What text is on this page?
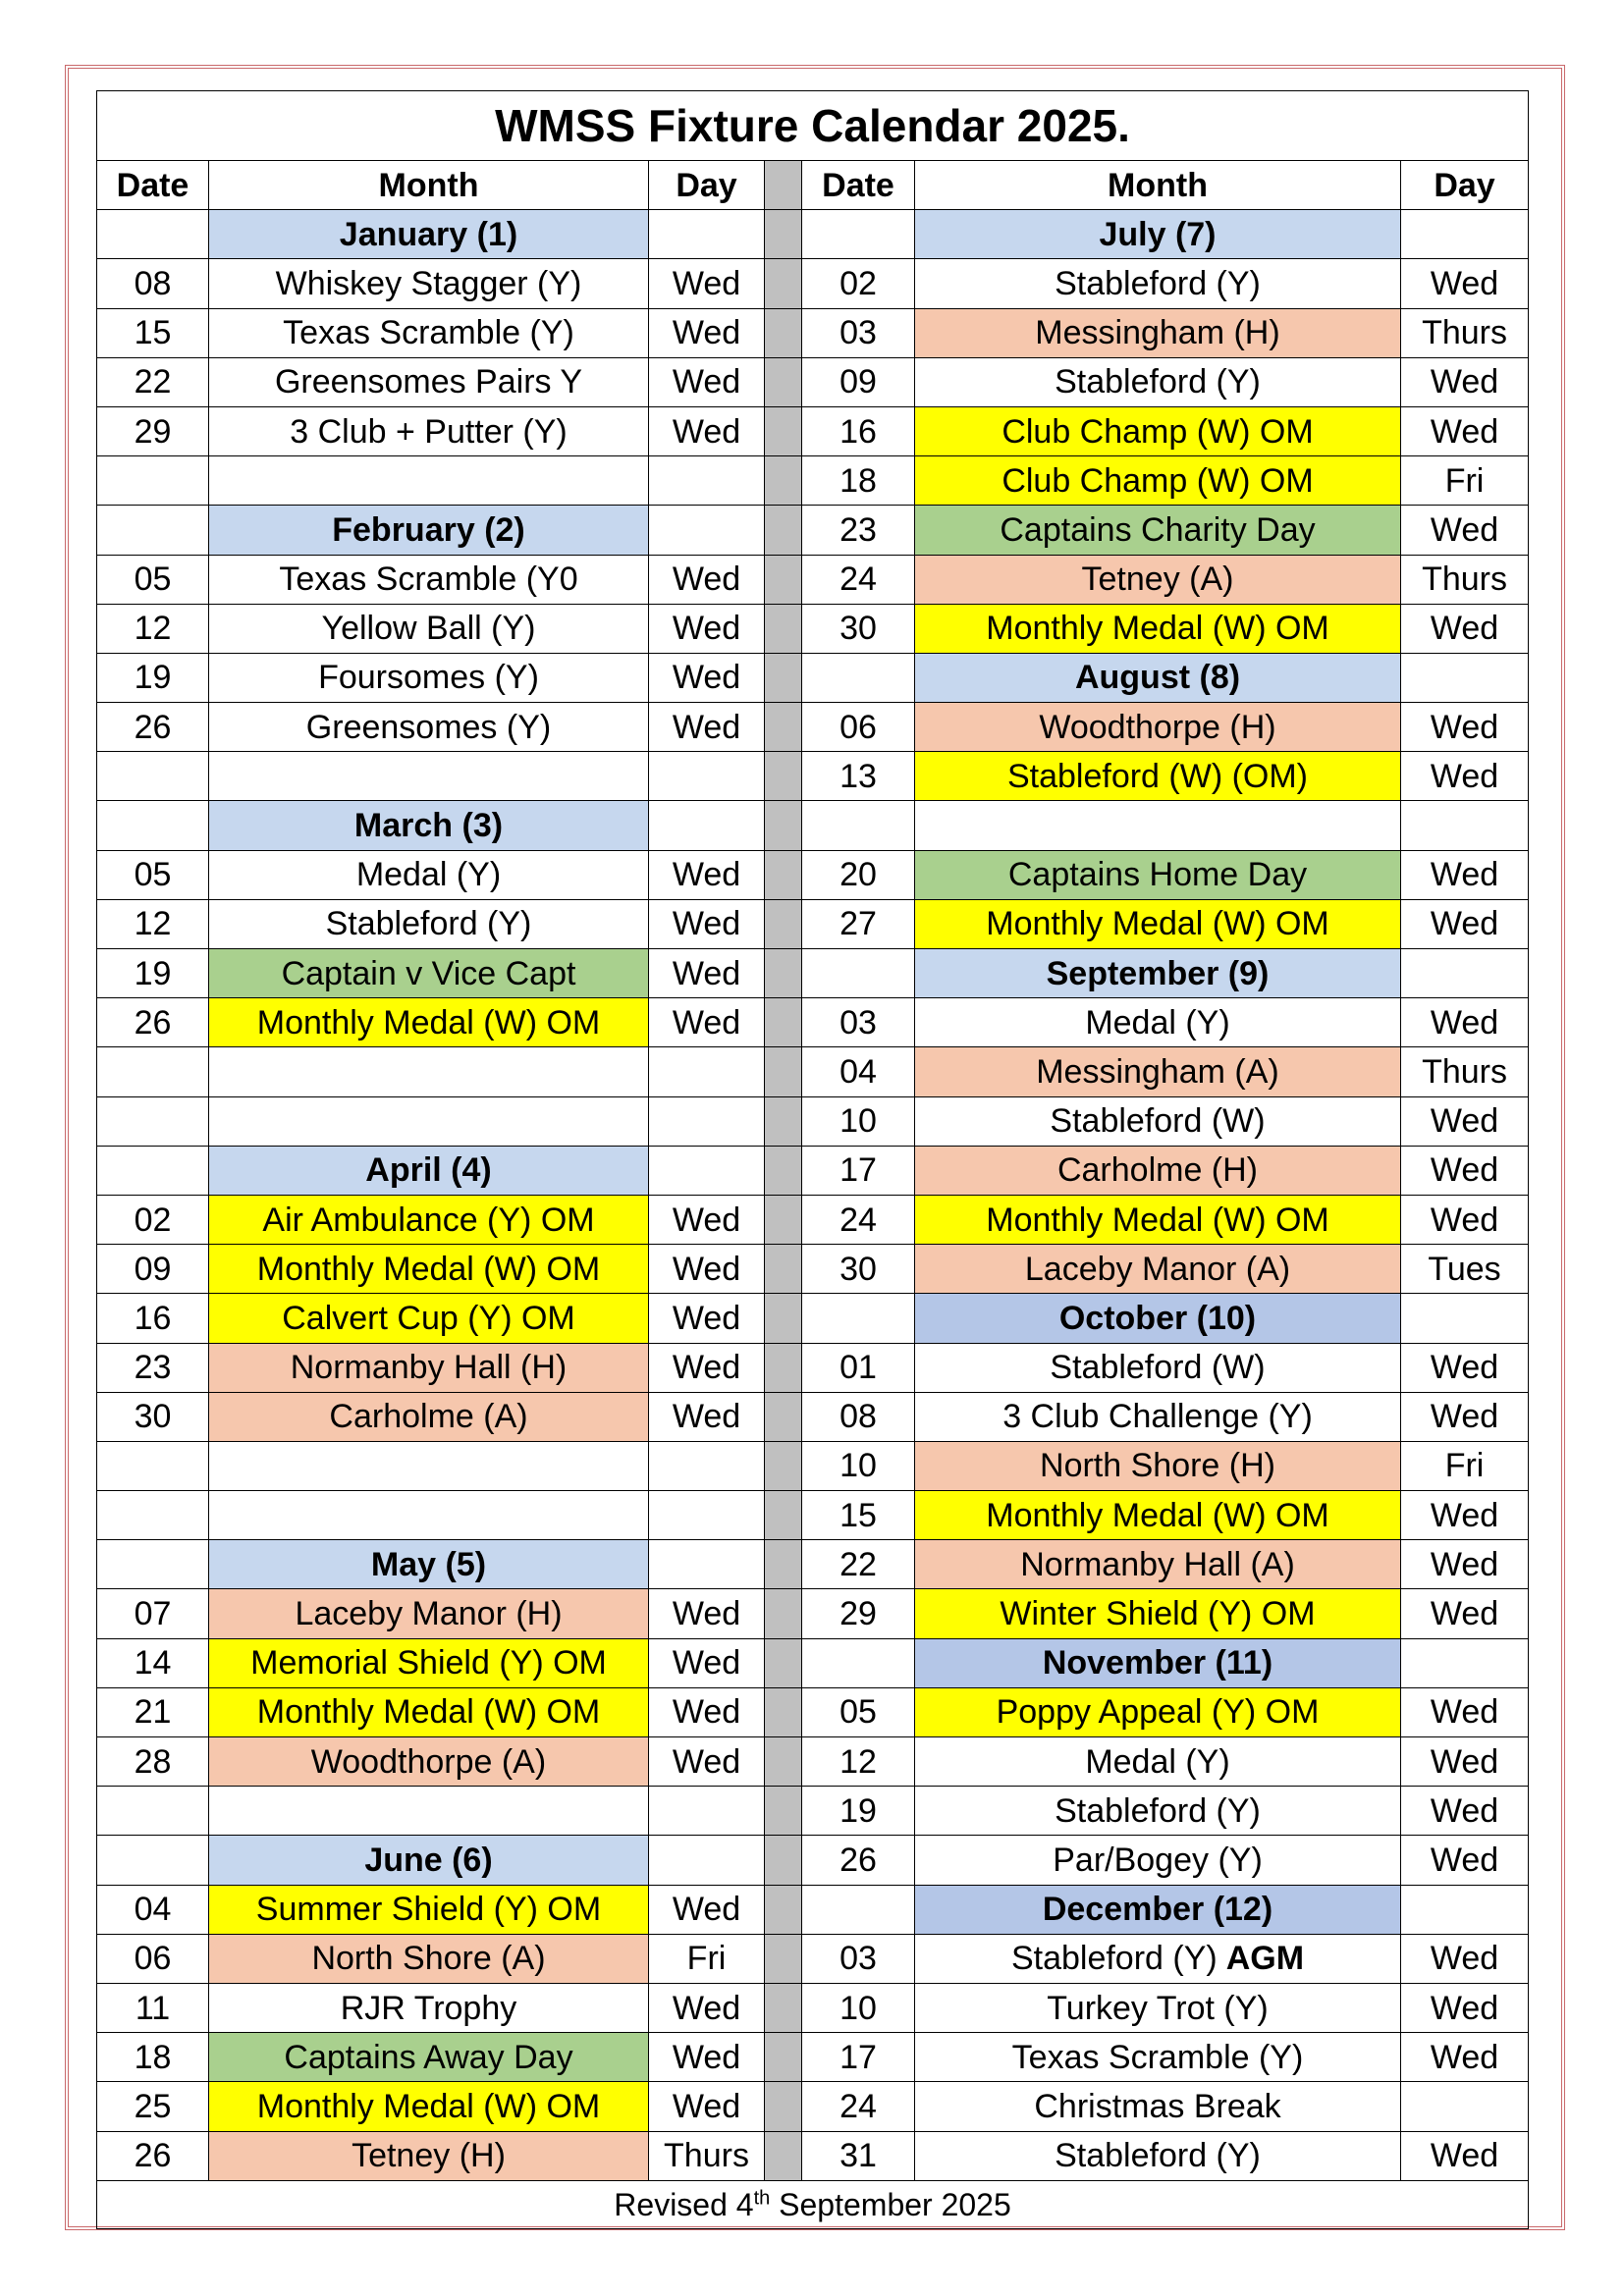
WMSS Fixture Calendar 2025.						
Date	Month	Day		Date	Month	Day
	January (1)				July (7)	
08	Whiskey Stagger (Y)	Wed		02	Stableford (Y)	Wed
15	Texas Scramble (Y)	Wed		03	Messingham (H)	Thurs
22	Greensomes Pairs Y	Wed		09	Stableford (Y)	Wed
29	3 Club + Putter (Y)	Wed		16	Club Champ (W) OM	Wed
				18	Club Champ (W) OM	Fri
	February (2)			23	Captains Charity Day	Wed
05	Texas Scramble (Y0	Wed		24	Tetney (A)	Thurs
12	Yellow Ball (Y)	Wed		30	Monthly Medal (W) OM	Wed
19	Foursomes (Y)	Wed			August (8)	
26	Greensomes (Y)	Wed		06	Woodthorpe (H)	Wed
				13	Stableford (W) (OM)	Wed
	March (3)					
05	Medal (Y)	Wed		20	Captains Home Day	Wed
12	Stableford (Y)	Wed		27	Monthly Medal (W) OM	Wed
19	Captain v Vice Capt	Wed			September (9)	
26	Monthly Medal (W) OM	Wed		03	Medal (Y)	Wed
				04	Messingham (A)	Thurs
				10	Stableford (W)	Wed
	April (4)			17	Carholme (H)	Wed
02	Air Ambulance (Y) OM	Wed		24	Monthly Medal (W) OM	Wed
09	Monthly Medal (W) OM	Wed		30	Laceby Manor (A)	Tues
16	Calvert Cup (Y) OM	Wed			October (10)	
23	Normanby Hall (H)	Wed		01	Stableford (W)	Wed
30	Carholme (A)	Wed		08	3 Club Challenge (Y)	Wed
				10	North Shore (H)	Fri
				15	Monthly Medal (W) OM	Wed
	May (5)			22	Normanby Hall (A)	Wed
07	Laceby Manor (H)	Wed		29	Winter Shield (Y) OM	Wed
14	Memorial Shield (Y) OM	Wed			November (11)	
21	Monthly Medal (W) OM	Wed		05	Poppy Appeal (Y) OM	Wed
28	Woodthorpe (A)	Wed		12	Medal (Y)	Wed
				19	Stableford (Y)	Wed
	June (6)			26	Par/Bogey (Y)	Wed
04	Summer Shield (Y) OM	Wed			December (12)	
06	North Shore (A)	Fri		03	Stableford (Y) AGM	Wed
11	RJR Trophy	Wed		10	Turkey Trot (Y)	Wed
18	Captains Away Day	Wed		17	Texas Scramble (Y)	Wed
25	Monthly Medal (W) OM	Wed		24	Christmas Break	
26	Tetney (H)	Thurs		31	Stableford (Y)	Wed
Revised 4th September 2025						
